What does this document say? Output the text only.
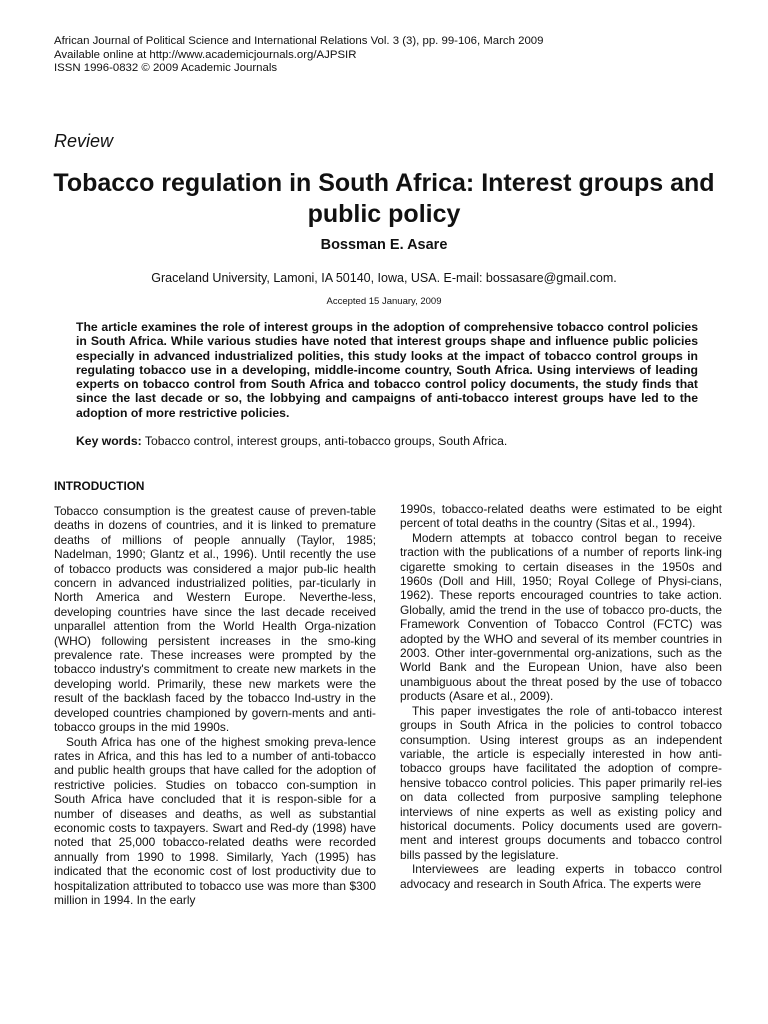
African Journal of Political Science and International Relations Vol. 3 (3), pp. 99-106, March 2009
Available online at http://www.academicjournals.org/AJPSIR
ISSN 1996-0832 © 2009 Academic Journals
Review
Tobacco regulation in South Africa: Interest groups and public policy
Bossman E. Asare
Graceland University, Lamoni, IA 50140, Iowa, USA. E-mail: bossasare@gmail.com.
Accepted 15 January, 2009
The article examines the role of interest groups in the adoption of comprehensive tobacco control policies in South Africa. While various studies have noted that interest groups shape and influence public policies especially in advanced industrialized polities, this study looks at the impact of tobacco control groups in regulating tobacco use in a developing, middle-income country, South Africa. Using interviews of leading experts on tobacco control from South Africa and tobacco control policy documents, the study finds that since the last decade or so, the lobbying and campaigns of anti-tobacco interest groups have led to the adoption of more restrictive policies.
Key words: Tobacco control, interest groups, anti-tobacco groups, South Africa.
INTRODUCTION

Tobacco consumption is the greatest cause of preven-table deaths in dozens of countries, and it is linked to premature deaths of millions of people annually (Taylor, 1985; Nadelman, 1990; Glantz et al., 1996). Until recently the use of tobacco products was considered a major pub-lic health concern in advanced industrialized polities, par-ticularly in North America and Western Europe. Neverthe-less, developing countries have since the last decade received unparallel attention from the World Health Orga-nization (WHO) following persistent increases in the smo-king prevalence rate. These increases were prompted by the tobacco industry's commitment to create new markets in the developing world. Primarily, these new markets were the result of the backlash faced by the tobacco Ind-ustry in the developed countries championed by govern-ments and anti-tobacco groups in the mid 1990s.

South Africa has one of the highest smoking preva-lence rates in Africa, and this has led to a number of anti-tobacco and public health groups that have called for the adoption of restrictive policies. Studies on tobacco con-sumption in South Africa have concluded that it is respon-sible for a number of diseases and deaths, as well as substantial economic costs to taxpayers. Swart and Red-dy (1998) have noted that 25,000 tobacco-related deaths were recorded annually from 1990 to 1998. Similarly, Yach (1995) has indicated that the economic cost of lost productivity due to hospitalization attributed to tobacco use was more than $300 million in 1994. In the early

1990s, tobacco-related deaths were estimated to be eight percent of total deaths in the country (Sitas et al., 1994).

Modern attempts at tobacco control began to receive traction with the publications of a number of reports link-ing cigarette smoking to certain diseases in the 1950s and 1960s (Doll and Hill, 1950; Royal College of Physi-cians, 1962). These reports encouraged countries to take action. Globally, amid the trend in the use of tobacco pro-ducts, the Framework Convention of Tobacco Control (FCTC) was adopted by the WHO and several of its member countries in 2003. Other inter-governmental org-anizations, such as the World Bank and the European Union, have also been unambiguous about the threat posed by the use of tobacco products (Asare et al., 2009).

This paper investigates the role of anti-tobacco interest groups in South Africa in the policies to control tobacco consumption. Using interest groups as an independent variable, the article is especially interested in how anti-tobacco groups have facilitated the adoption of compre-hensive tobacco control policies. This paper primarily rel-ies on data collected from purposive sampling telephone interviews of nine experts as well as existing policy and historical documents. Policy documents used are govern-ment and interest groups documents and tobacco control bills passed by the legislature.

Interviewees are leading experts in tobacco control advocacy and research in South Africa. The experts were
